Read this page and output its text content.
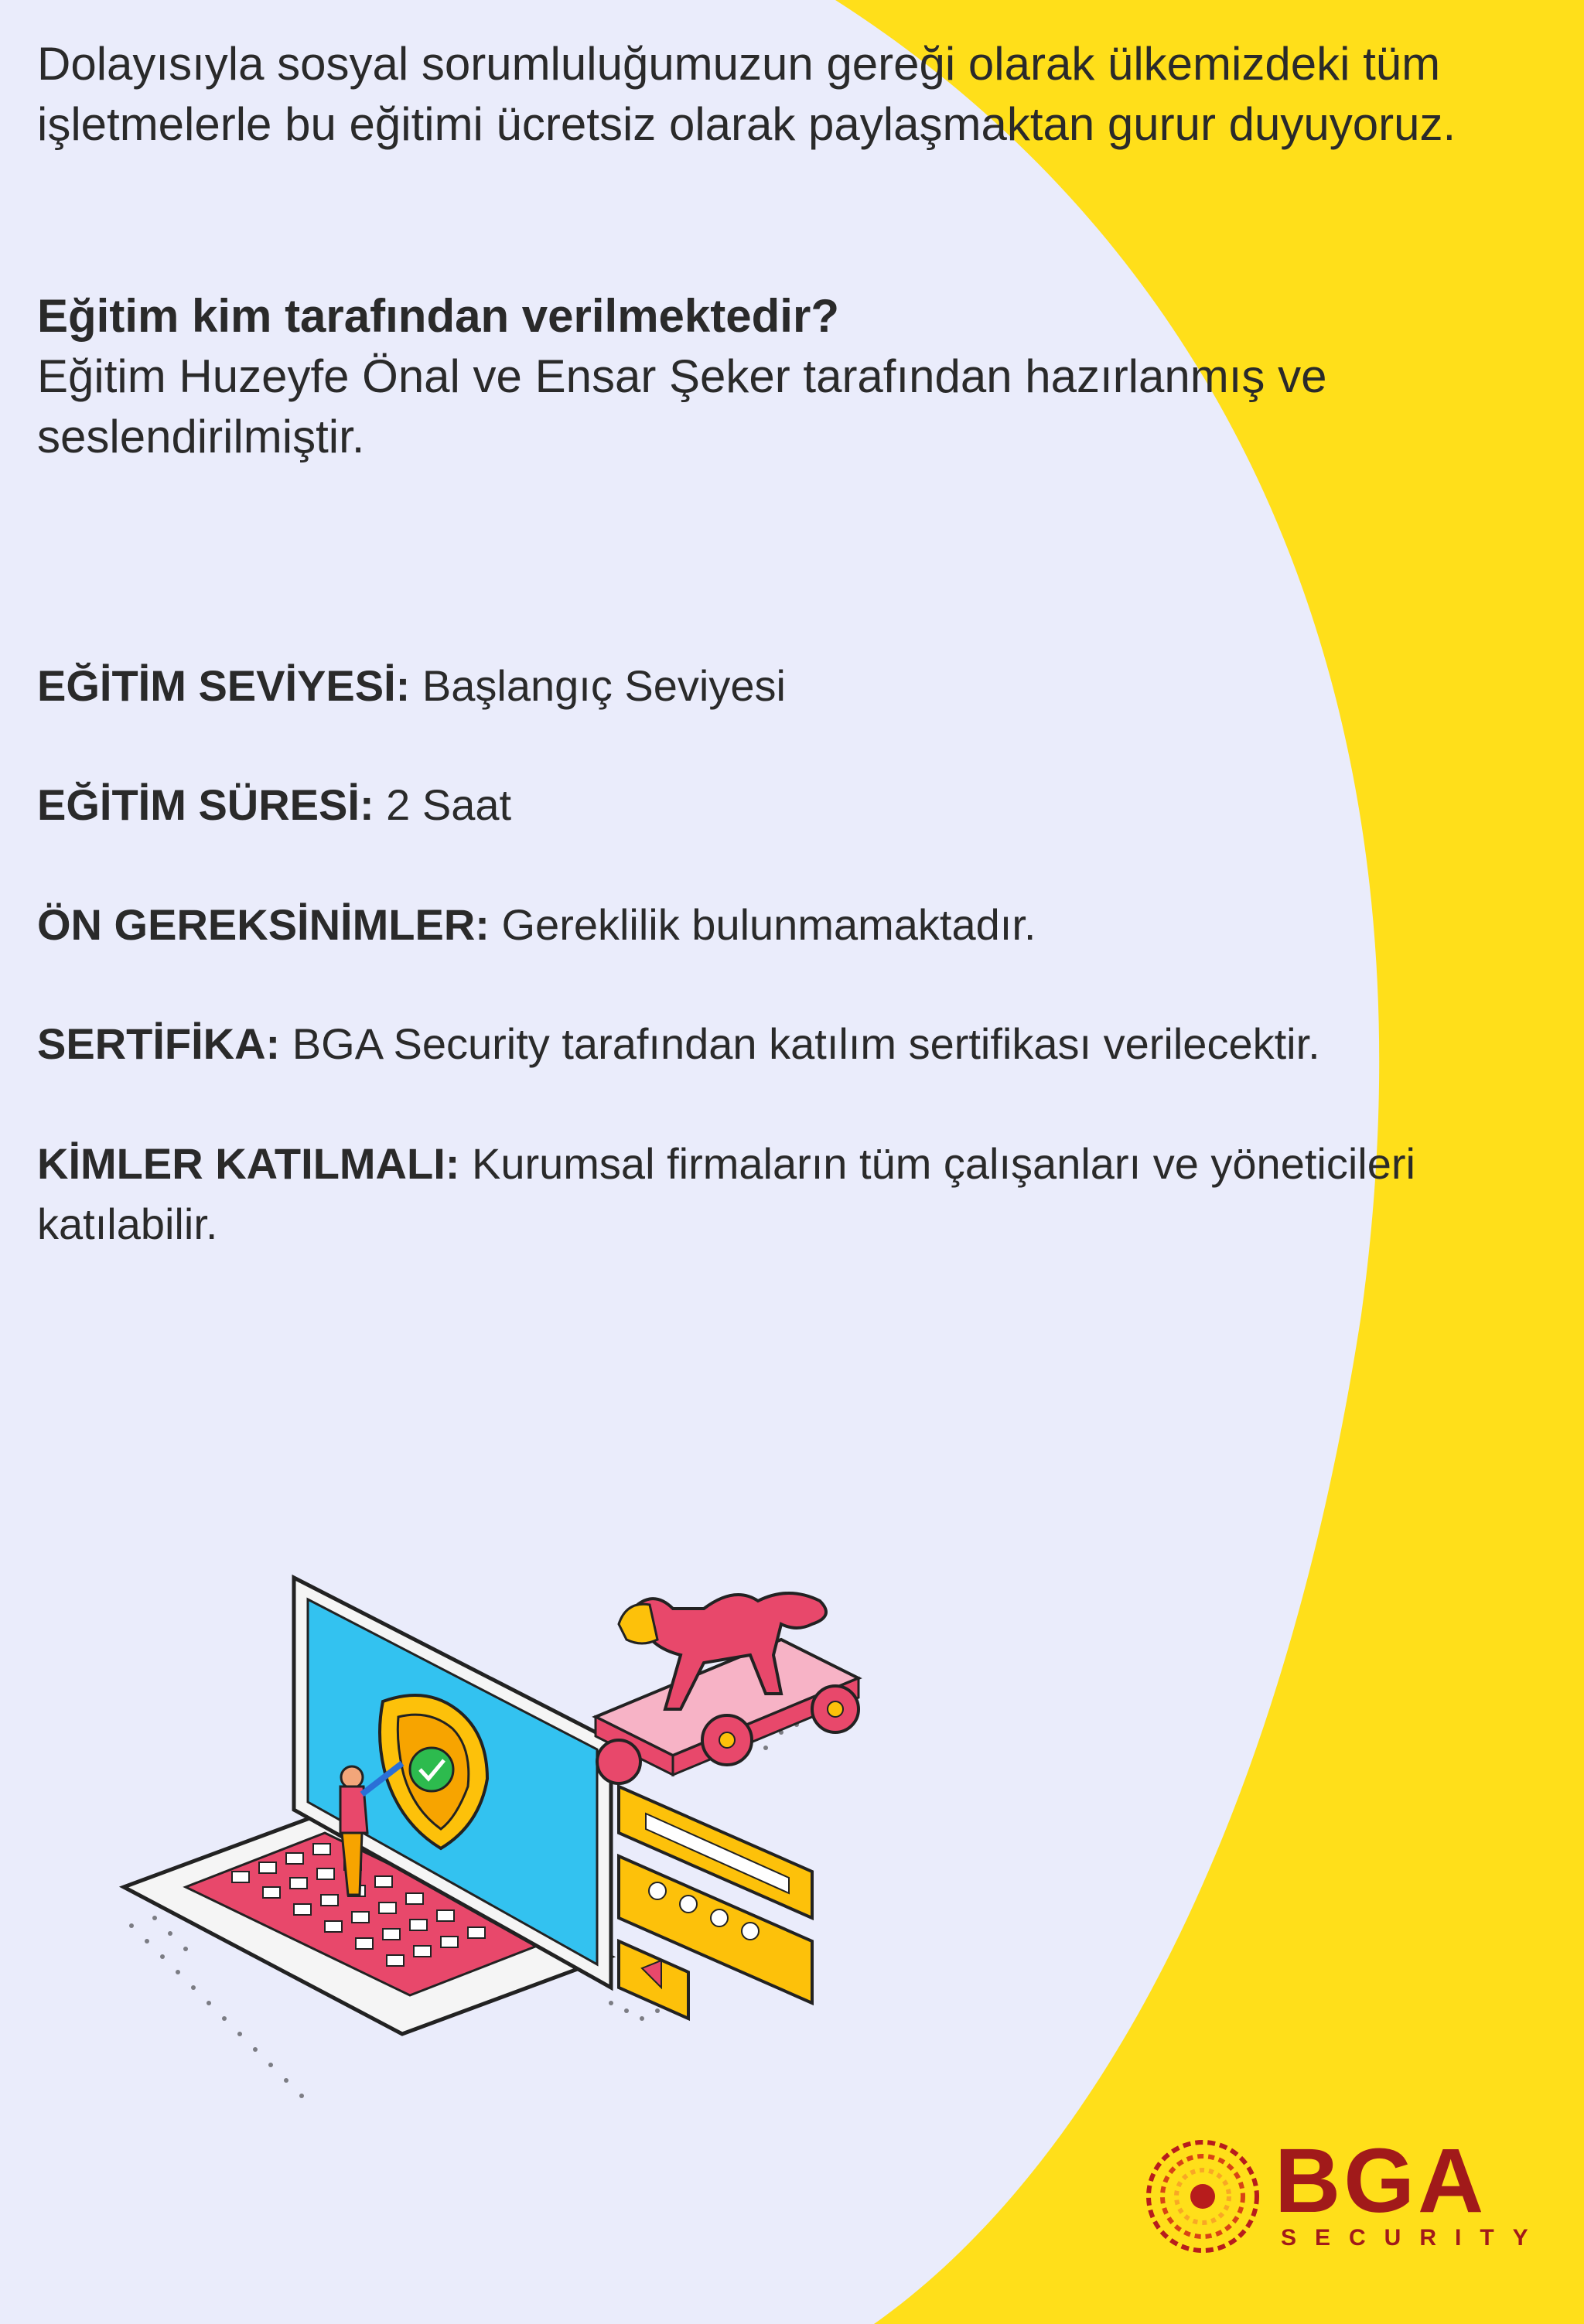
Dolayısıyla sosyal sorumluluğumuzun gereği olarak ülkemizdeki tüm işletmelerle bu eğitimi ücretsiz olarak paylaşmaktan gurur duyuyoruz.

Eğitim kim tarafından verilmektedir?

Eğitim Huzeyfe Önal ve Ensar Şeker tarafından hazırlanmış ve seslendirilmiştir.

EĞİTİM SEVİYESİ: Başlangıç Seviyesi
EĞİTİM SÜRESİ: 2 Saat
ÖN GEREKSİNİMLER: Gereklilik bulunmamaktadır.
SERTİFİKA: BGA Security tarafından katılım sertifikası verilecektir.
KİMLER KATILMALI: Kurumsal firmaların tüm çalışanları ve yöneticileri katılabilir.
BGA
SECURITY
